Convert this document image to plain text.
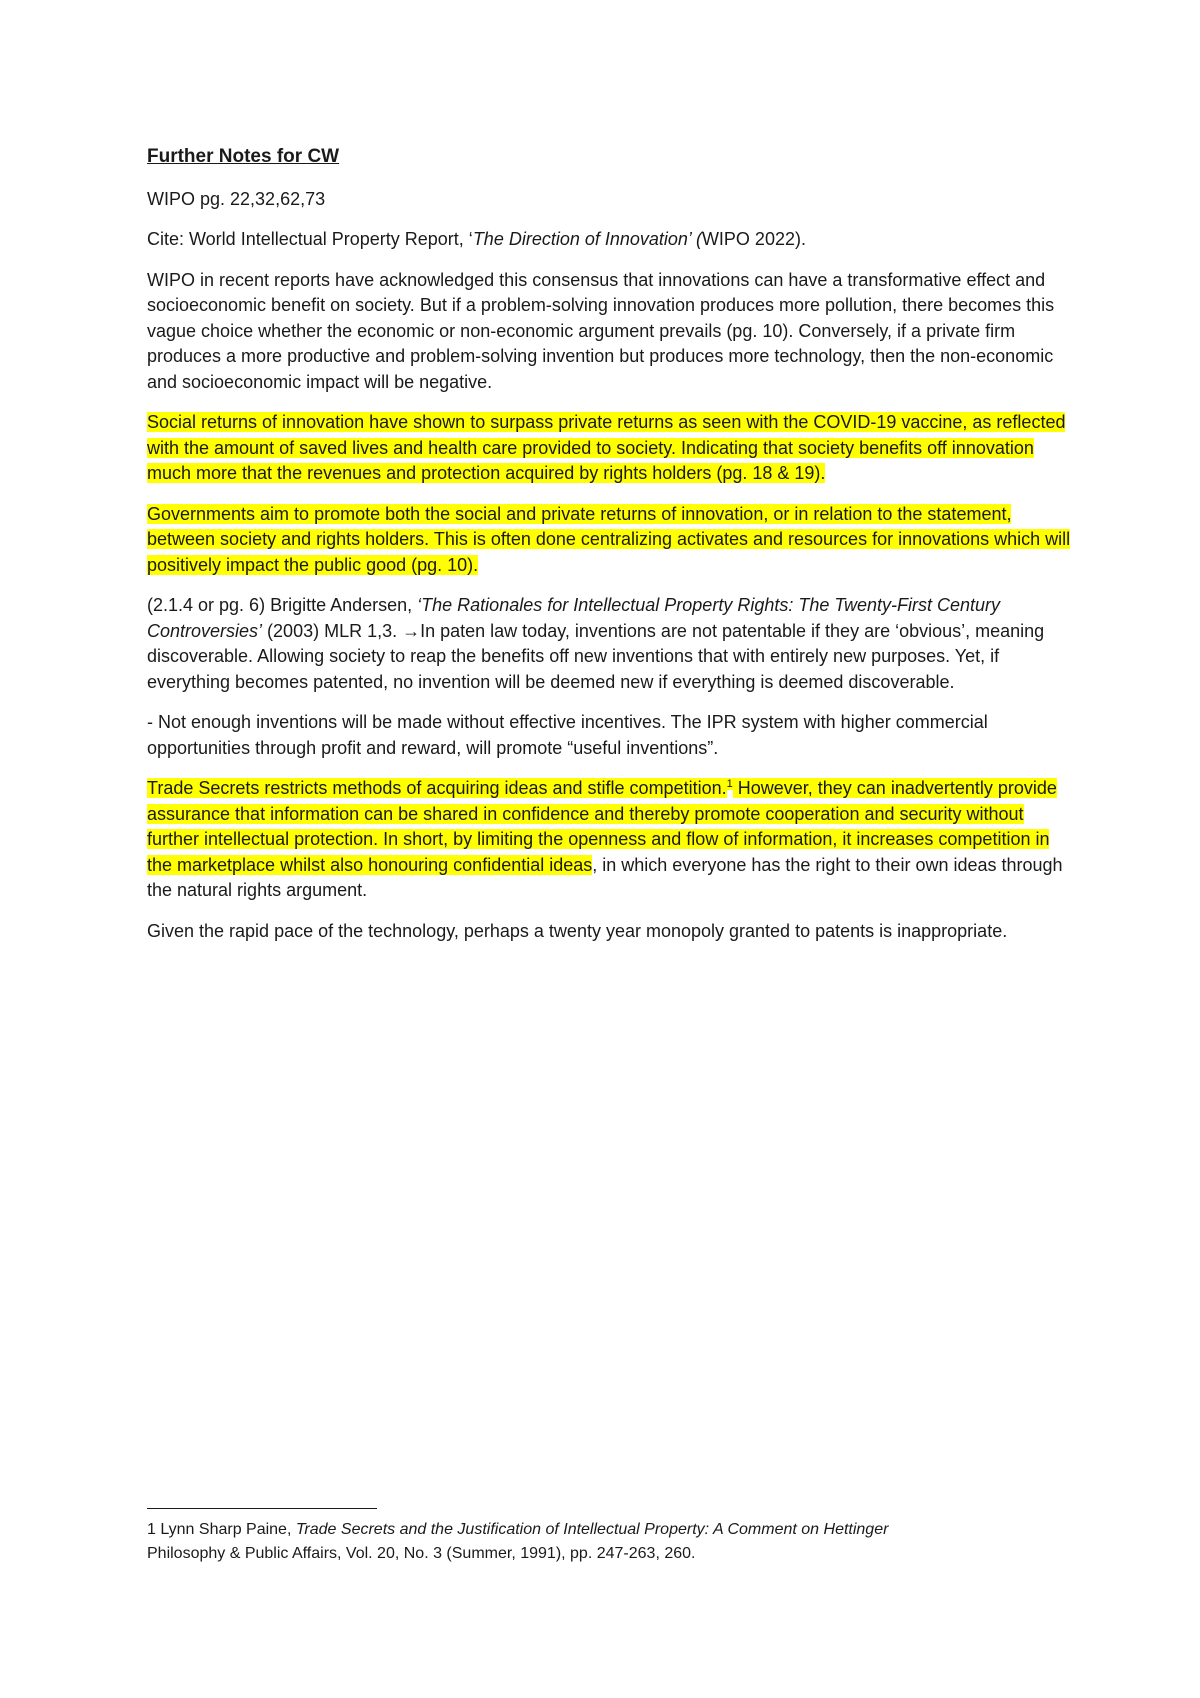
Further Notes for CW

WIPO pg. 22,32,62,73

Cite: World Intellectual Property Report, ‘The Direction of Innovation’ (WIPO 2022).

WIPO in recent reports have acknowledged this consensus that innovations can have a transformative effect and socioeconomic benefit on society. But if a problem-solving innovation produces more pollution, there becomes this vague choice whether the economic or non-economic argument prevails (pg. 10). Conversely, if a private firm produces a more productive and problem-solving invention but produces more technology, then the non-economic and socioeconomic impact will be negative.

Social returns of innovation have shown to surpass private returns as seen with the COVID-19 vaccine, as reflected with the amount of saved lives and health care provided to society. Indicating that society benefits off innovation much more that the revenues and protection acquired by rights holders (pg. 18 & 19).

Governments aim to promote both the social and private returns of innovation, or in relation to the statement, between society and rights holders. This is often done centralizing activates and resources for innovations which will positively impact the public good (pg. 10).

(2.1.4 or pg. 6) Brigitte Andersen, ‘The Rationales for Intellectual Property Rights: The Twenty-First Century Controversies’ (2003) MLR 1,3. →In paten law today, inventions are not patentable if they are ‘obvious’, meaning discoverable. Allowing society to reap the benefits off new inventions that with entirely new purposes. Yet, if everything becomes patented, no invention will be deemed new if everything is deemed discoverable.

- Not enough inventions will be made without effective incentives. The IPR system with higher commercial opportunities through profit and reward, will promote “useful inventions”.

Trade Secrets restricts methods of acquiring ideas and stifle competition.$^1$ However, they can inadvertently provide assurance that information can be shared in confidence and thereby promote cooperation and security without further intellectual protection. In short, by limiting the openness and flow of information, it increases competition in the marketplace whilst also honouring confidential ideas, in which everyone has the right to their own ideas through the natural rights argument.

Given the rapid pace of the technology, perhaps a twenty year monopoly granted to patents is inappropriate.

1 Lynn Sharp Paine, Trade Secrets and the Justification of Intellectual Property: A Comment on Hettinger

Philosophy & Public Affairs, Vol. 20, No. 3 (Summer, 1991), pp. 247-263, 260.
